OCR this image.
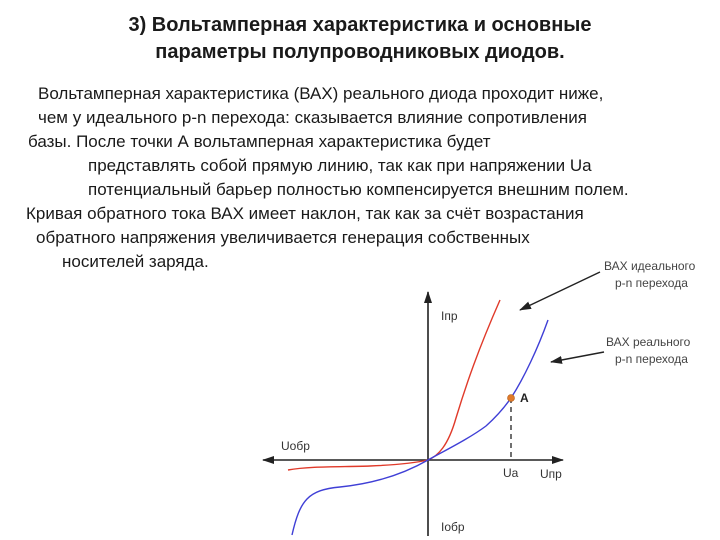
3) Вольтамперная характеристика и основные
параметры полупроводниковых диодов.
Вольтамперная характеристика (ВАХ) реального диода проходит ниже,
чем у идеального p-n перехода: сказывается влияние сопротивления
базы. После точки А вольтамперная характеристика будет
представлять собой прямую линию, так как при напряжении Ua
потенциальный барьер полностью компенсируется внешним полем.
Кривая обратного тока ВАХ имеет наклон, так как за счёт возрастания
обратного напряжения увеличивается генерация собственных
носителей заряда.
Iпр
Iобр
Uпр
Uобр
Ua
A
ВАХ идеального
p-n перехода
ВАХ реального
p-n перехода
